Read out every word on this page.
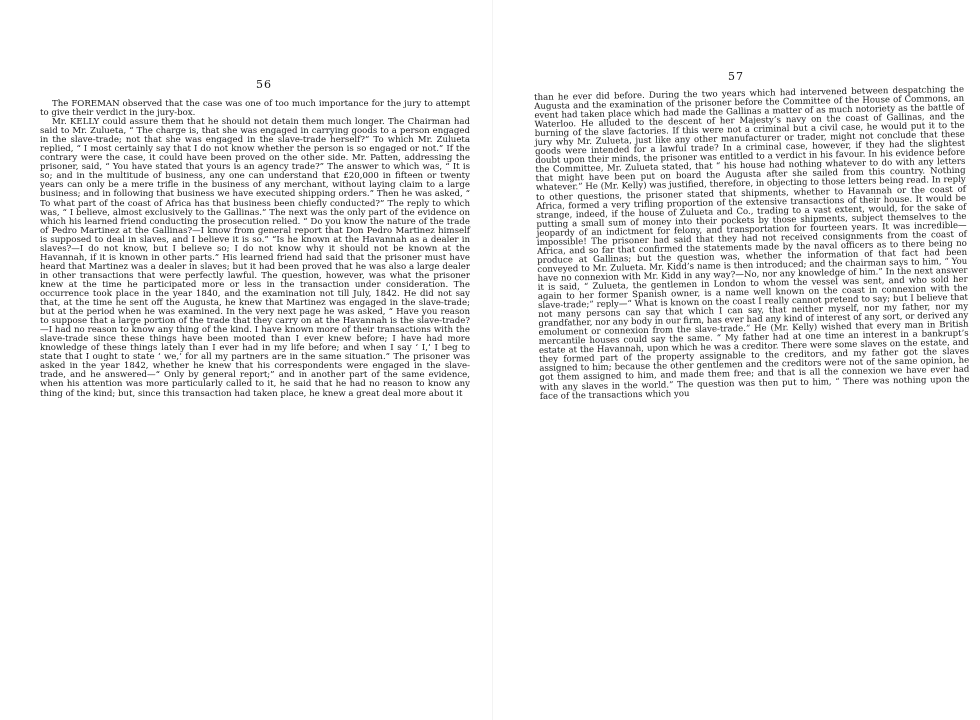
56

The FOREMAN observed that the case was one of too much importance for the jury to attempt to give their verdict in the jury-box.

Mr. KELLY could assure them that he should not detain them much longer. The Chairman had said to Mr. Zulueta, “ The charge is, that she was engaged in carrying goods to a person engaged in the slave-trade; not that she was engaged in the slave-trade herself?” To which Mr. Zulueta replied, “ I most certainly say that I do not know whether the person is so engaged or not.” If the contrary were the case, it could have been proved on the other side. Mr. Patten, addressing the prisoner, said, “ You have stated that yours is an agency trade?” The answer to which was, “ It is so; and in the multitude of business, any one can understand that £20,000 in fifteen or twenty years can only be a mere trifle in the business of any merchant, without laying claim to a large business; and in following that business we have executed shipping orders.” Then he was asked, “ To what part of the coast of Africa has that business been chiefly conducted?” The reply to which was, “ I believe, almost exclusively to the Gallinas.” The next was the only part of the evidence on which his learned friend conducting the prosecution relied. “ Do you know the nature of the trade of Pedro Martinez at the Gallinas?—I know from general report that Don Pedro Martinez himself is supposed to deal in slaves, and I believe it is so.” “Is he known at the Havannah as a dealer in slaves?—I do not know, but I believe so; I do not know why it should not be known at the Havannah, if it is known in other parts.” His learned friend had said that the prisoner must have heard that Martinez was a dealer in slaves; but it had been proved that he was also a large dealer in other transactions that were perfectly lawful. The question, however, was what the prisoner knew at the time he participated more or less in the transaction under consideration. The occurrence took place in the year 1840, and the examination not till July, 1842. He did not say that, at the time he sent off the Augusta, he knew that Martinez was engaged in the slave-trade; but at the period when he was examined. In the very next page he was asked, “ Have you reason to suppose that a large portion of the trade that they carry on at the Havannah is the slave-trade?—I had no reason to know any thing of the kind. I have known more of their transactions with the slave-trade since these things have been mooted than I ever knew before; I have had more knowledge of these things lately than I ever had in my life before; and when I say ‘ I,’ I beg to state that I ought to state ‘ we,’ for all my partners are in the same situation.” The prisoner was asked in the year 1842, whether he knew that his correspondents were engaged in the slave-trade, and he answered—“ Only by general report;” and in another part of the same evidence, when his attention was more particularly called to it, he said that he had no reason to know any thing of the kind; but, since this transaction had taken place, he knew a great deal more about it

57

than he ever did before. During the two years which had intervened between despatching the Augusta and the examination of the prisoner before the Committee of the House of Commons, an event had taken place which had made the Gallinas a matter of as much notoriety as the battle of Waterloo. He alluded to the descent of her Majesty’s navy on the coast of Gallinas, and the burning of the slave factories. If this were not a criminal but a civil case, he would put it to the jury why Mr. Zulueta, just like any other manufacturer or trader, might not conclude that these goods were intended for a lawful trade? In a criminal case, however, if they had the slightest doubt upon their minds, the prisoner was entitled to a verdict in his favour. In his evidence before the Committee, Mr. Zulueta stated, that “ his house had nothing whatever to do with any letters that might have been put on board the Augusta after she sailed from this country. Nothing whatever.” He (Mr. Kelly) was justified, therefore, in objecting to those letters being read. In reply to other questions, the prisoner stated that shipments, whether to Havannah or the coast of Africa, formed a very trifling proportion of the extensive transactions of their house. It would be strange, indeed, if the house of Zulueta and Co., trading to a vast extent, would, for the sake of putting a small sum of money into their pockets by those shipments, subject themselves to the jeopardy of an indictment for felony, and transportation for fourteen years. It was incredible—impossible! The prisoner had said that they had not received consignments from the coast of Africa, and so far that confirmed the statements made by the naval officers as to there being no produce at Gallinas; but the question was, whether the information of that fact had been conveyed to Mr. Zulueta. Mr. Kidd’s name is then introduced; and the chairman says to him, “ You have no connexion with Mr. Kidd in any way?—No, nor any knowledge of him.” In the next answer it is said, “ Zulueta, the gentlemen in London to whom the vessel was sent, and who sold her again to her former Spanish owner, is a name well known on the coast in connexion with the slave-trade;” reply—“ What is known on the coast I really cannot pretend to say; but I believe that not many persons can say that which I can say, that neither myself, nor my father, nor my grandfather, nor any body in our firm, has ever had any kind of interest of any sort, or derived any emolument or connexion from the slave-trade.” He (Mr. Kelly) wished that every man in British mercantile houses could say the same. “ My father had at one time an interest in a bankrupt’s estate at the Havannah, upon which he was a creditor. There were some slaves on the estate, and they formed part of the property assignable to the creditors, and my father got the slaves assigned to him; because the other gentlemen and the creditors were not of the same opinion, he got them assigned to him, and made them free; and that is all the connexion we have ever had with any slaves in the world.” The question was then put to him, “ There was nothing upon the face of the transactions which you
